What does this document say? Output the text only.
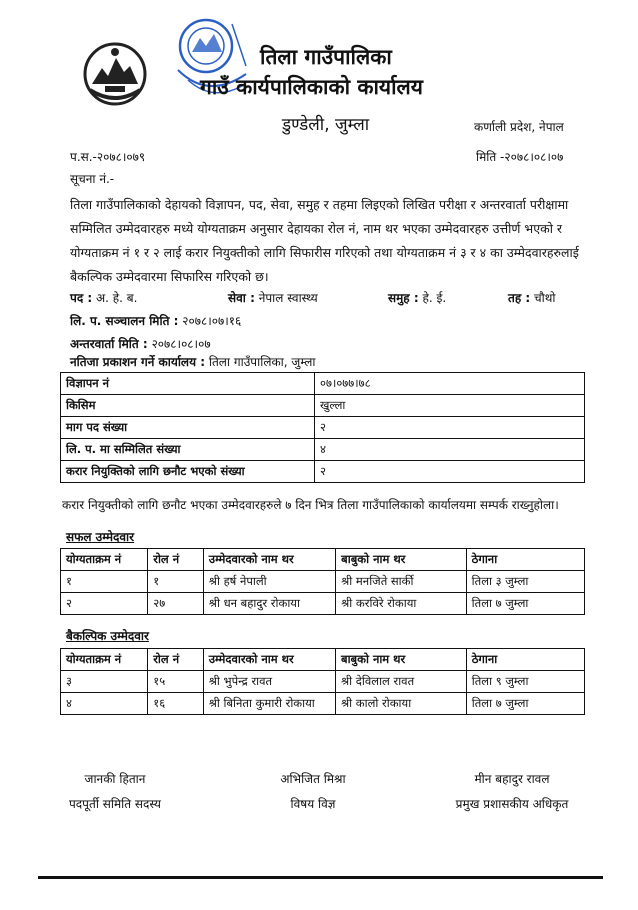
तिला गाउँपालिका
गाउँ कार्यपालिकाको कार्यालय
डुण्डेली, जुम्ला	कर्णाली प्रदेश, नेपाल
प.स.-२०७८।०७९	मिति -२०७८।०८।०७
सूचना नं.-
तिला गाउँपालिकाको देहायको विज्ञापन, पद, सेवा, समुह र तहमा लिइएको लिखित परीक्षा र अन्तरवार्ता परीक्षामा सम्मिलित उम्मेदवारहरु मध्ये योग्यताक्रम अनुसार देहायका रोल नं, नाम थर भएका उम्मेदवारहरु उत्तीर्ण भएको र योग्यताक्रम नं १ र २ लाई करार नियुक्तीको लागि सिफारीस गरिएको तथा योग्यताक्रम नं ३ र ४ का उम्मेदवारहरुलाई बैकल्पिक उम्मेदवारमा सिफारिस गरिएको छ।
पद : अ. हे. ब.	सेवा : नेपाल स्वास्थ्य	समुह : हे. ई.	तह : चौथो
लि. प. सञ्चालन मिति : २०७८।०७।१६
अन्तरवार्ता मिति : २०७८।०८।०७
नतिजा प्रकाशन गर्ने कार्यालय : तिला गाउँपालिका, जुम्ला
विज्ञापन नं	०७।०७७।७८
किसिम	खुल्ला
माग पद संख्या	२
लि. प. मा सम्मिलित संख्या	४
करार नियुक्तिको लागि छनौट भएको संख्या	२
करार नियुक्तीको लागि छनौट भएका उम्मेदवारहरुले ७ दिन भित्र तिला गाउँपालिकाको कार्यालयमा सम्पर्क राख्नुहोला।
सफल उम्मेदवार
योग्यताक्रम नं	रोल नं	उम्मेदवारको नाम थर	बाबुको नाम थर	ठेगाना
१	१	श्री हर्ष नेपाली	श्री मनजिते सार्की	तिला ३ जुम्ला
२	२७	श्री धन बहादुर रोकाया	श्री करविरे रोकाया	तिला ७ जुम्ला
बैकल्पिक उम्मेदवार
योग्यताक्रम नं	रोल नं	उम्मेदवारको नाम थर	बाबुको नाम थर	ठेगाना
३	१५	श्री भुपेन्द्र रावत	श्री देविलाल रावत	तिला ९ जुम्ला
४	१६	श्री बिनिता कुमारी रोकाया	श्री कालो रोकाया	तिला ७ जुम्ला
जानकी हितान
पदपूर्ती समिति सदस्य
अभिजित मिश्रा
विषय विज्ञ
मीन बहादुर रावल
प्रमुख प्रशासकीय अधिकृत
